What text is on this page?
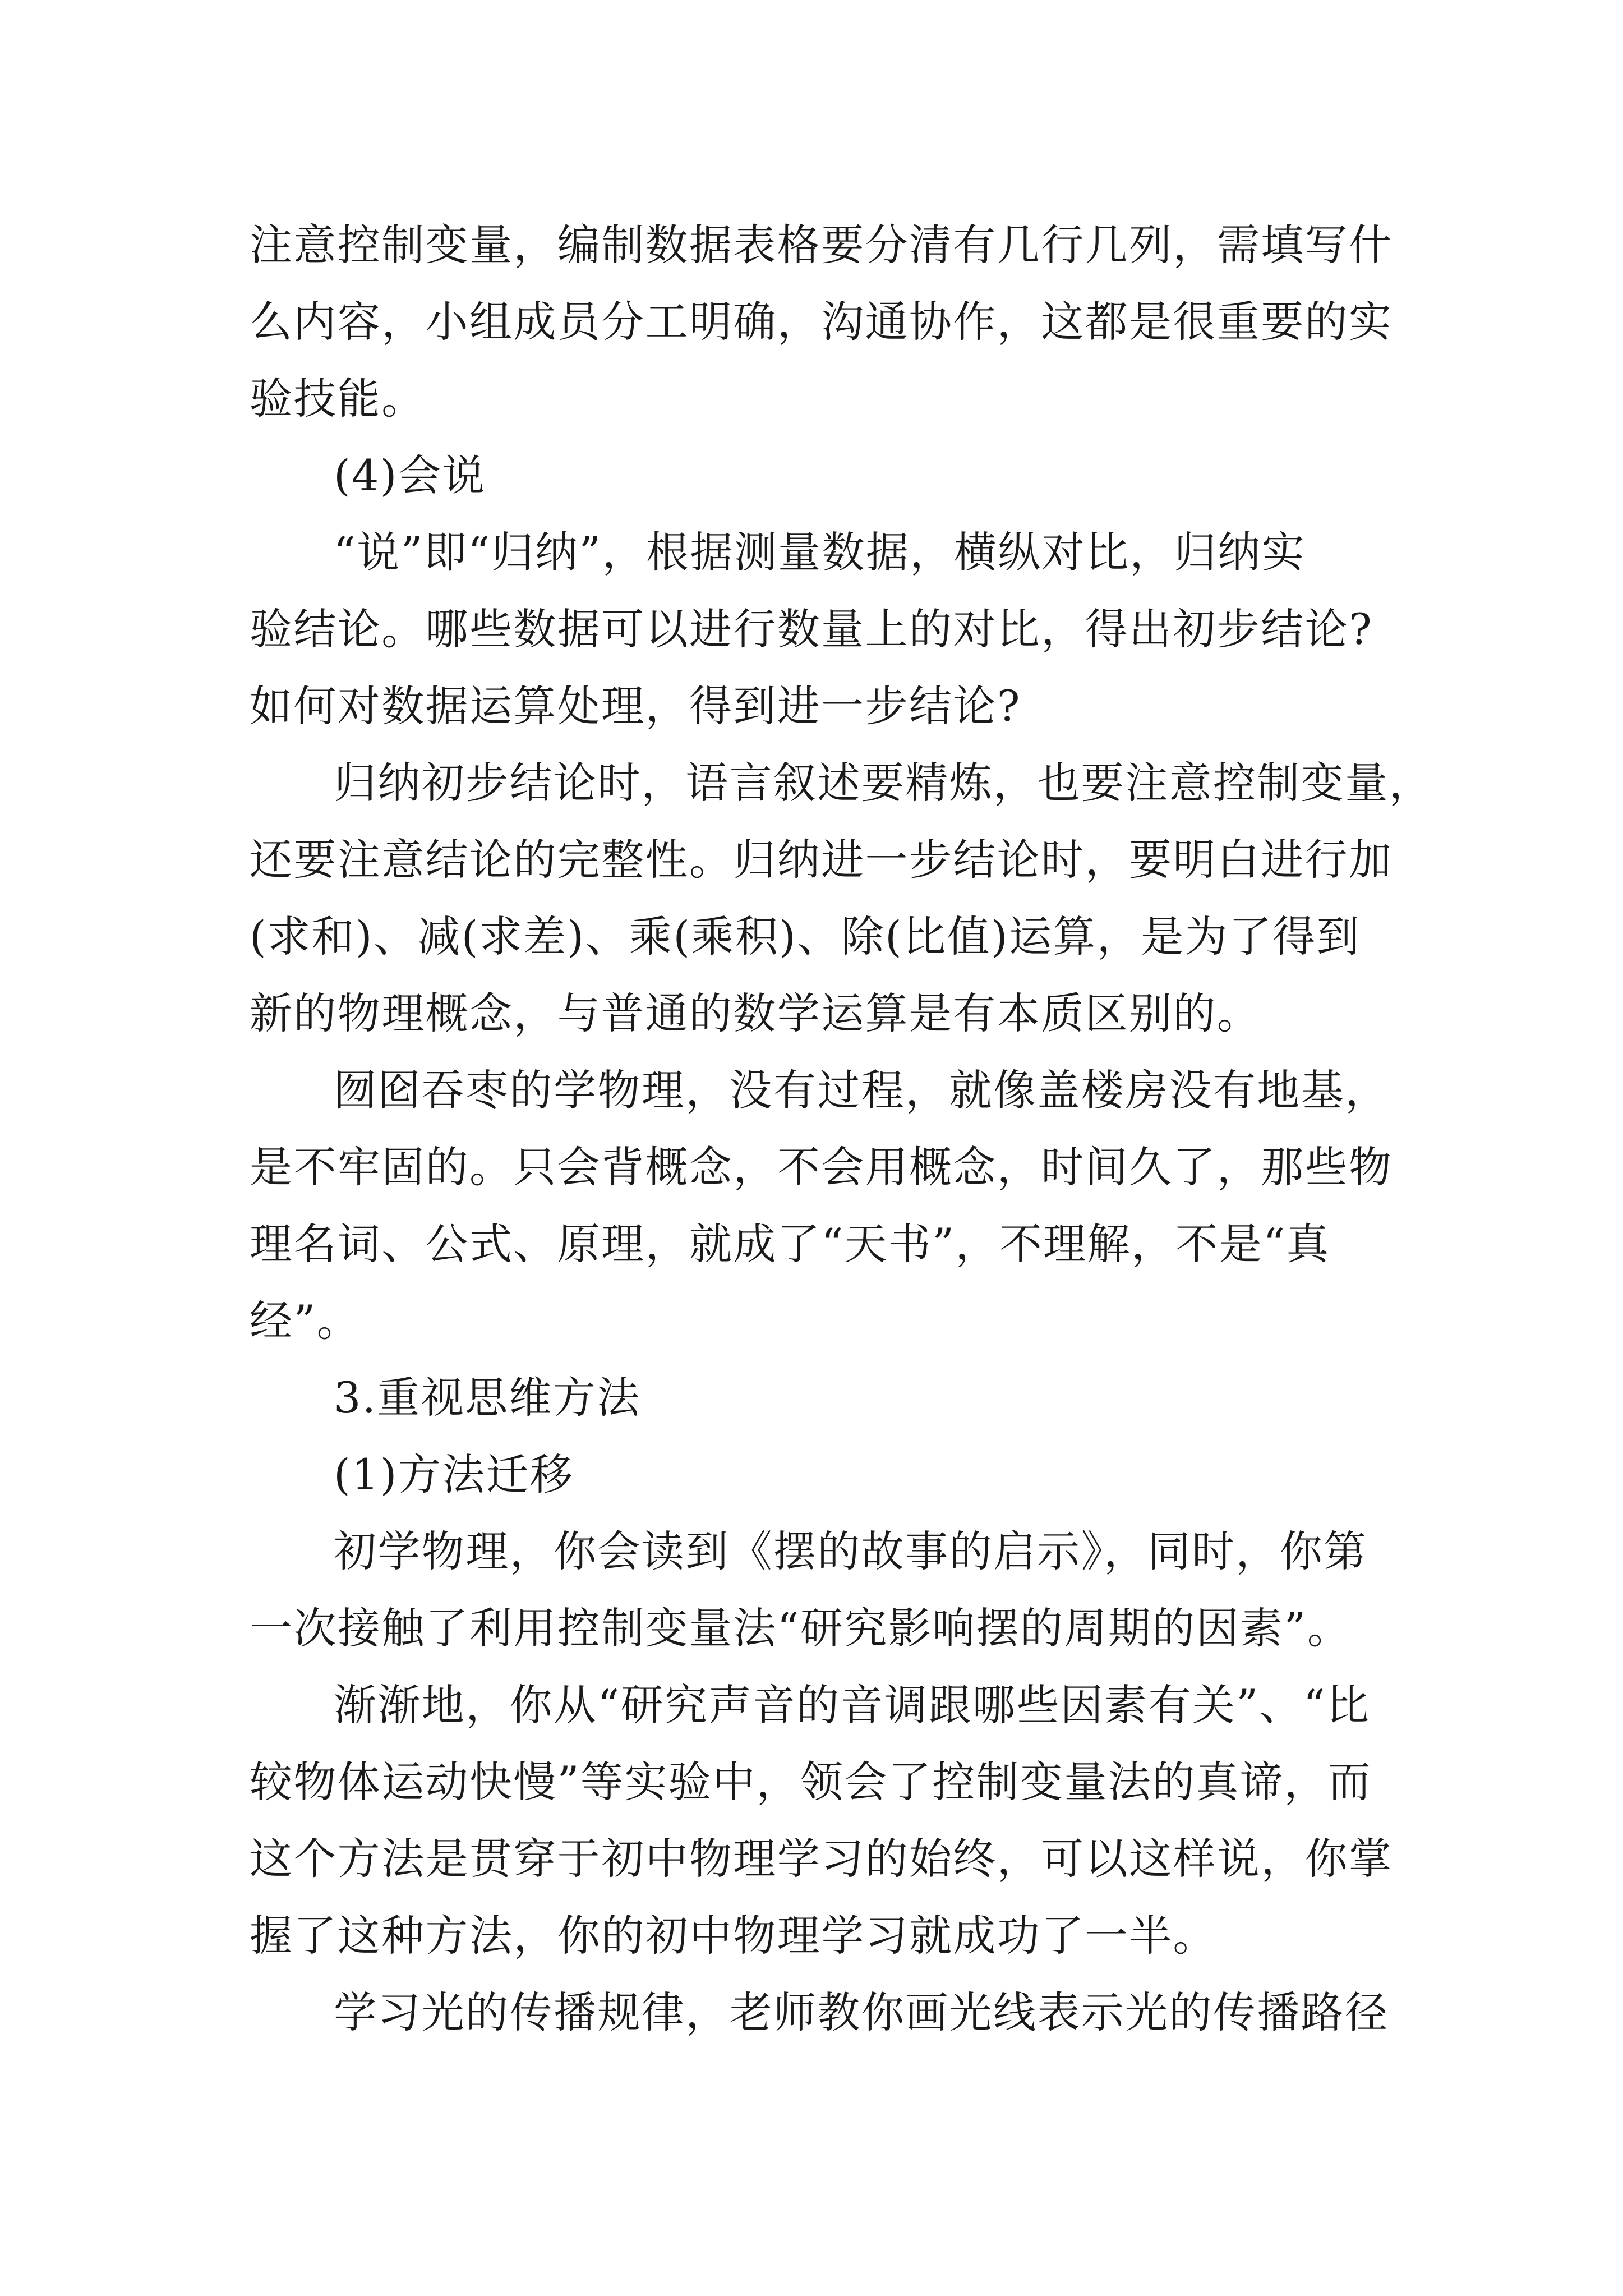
注意控制变量，编制数据表格要分清有几行几列，需填写什
么内容，小组成员分工明确，沟通协作，这都是很重要的实
验技能。
(4)会说
“说”即“归纳”，根据测量数据，横纵对比，归纳实
验结论。哪些数据可以进行数量上的对比，得出初步结论?
如何对数据运算处理，得到进一步结论?
归纳初步结论时，语言叙述要精炼，也要注意控制变量，
还要注意结论的完整性。归纳进一步结论时，要明白进行加
(求和)、减(求差)、乘(乘积)、除(比值)运算，是为了得到
新的物理概念，与普通的数学运算是有本质区别的。
囫囵吞枣的学物理，没有过程，就像盖楼房没有地基，
是不牢固的。只会背概念，不会用概念，时间久了，那些物
理名词、公式、原理，就成了“天书”，不理解，不是“真
经”。
3.重视思维方法
(1)方法迁移
初学物理，你会读到《摆的故事的启示》，同时，你第
一次接触了利用控制变量法“研究影响摆的周期的因素”。
渐渐地，你从“研究声音的音调跟哪些因素有关”、“比
较物体运动快慢”等实验中，领会了控制变量法的真谛，而
这个方法是贯穿于初中物理学习的始终，可以这样说，你掌
握了这种方法，你的初中物理学习就成功了一半。
学习光的传播规律，老师教你画光线表示光的传播路径
